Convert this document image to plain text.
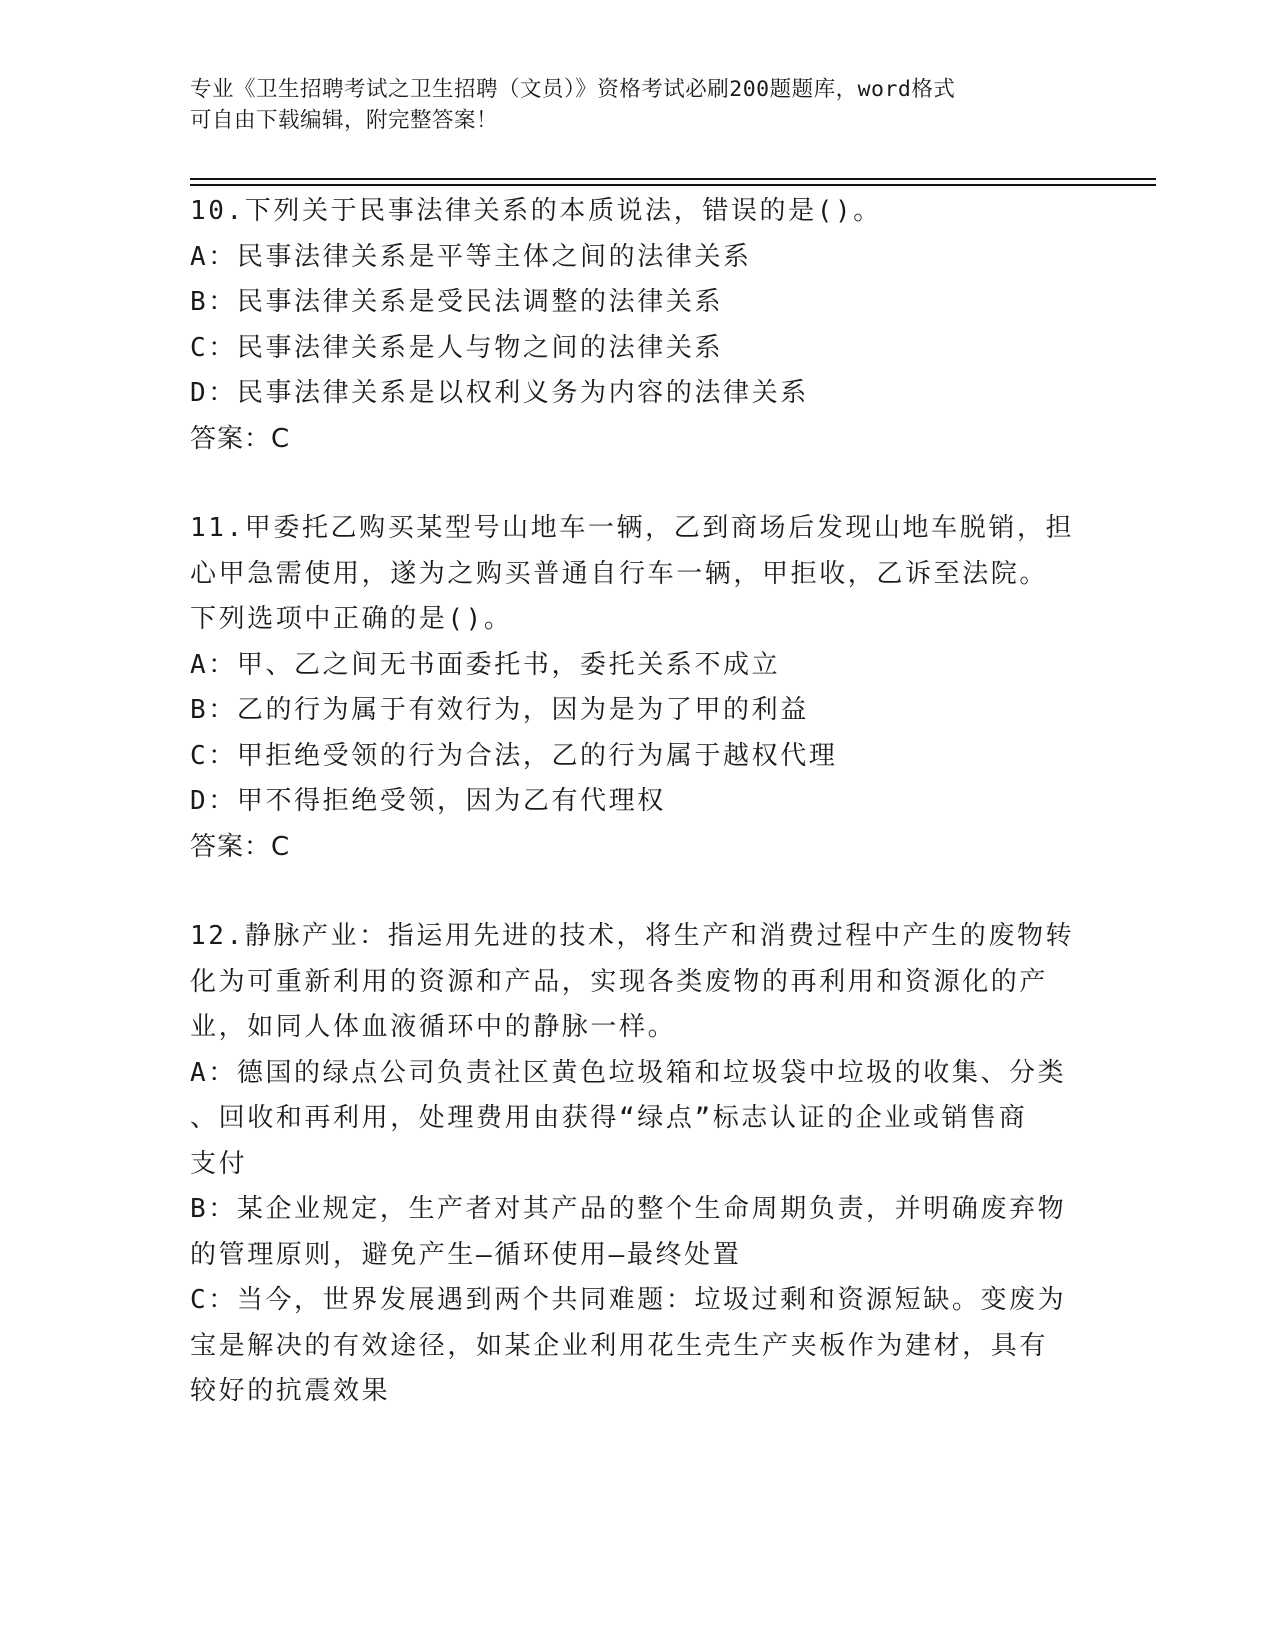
专业《卫生招聘考试之卫生招聘（文员）》资格考试必刷200题题库，word格式
可自由下载编辑，附完整答案！

10.下列关于民事法律关系的本质说法，错误的是()。

A：民事法律关系是平等主体之间的法律关系

B：民事法律关系是受民法调整的法律关系

C：民事法律关系是人与物之间的法律关系

D：民事法律关系是以权利义务为内容的法律关系

答案：C

11.甲委托乙购买某型号山地车一辆，乙到商场后发现山地车脱销，担

心甲急需使用，遂为之购买普通自行车一辆，甲拒收，乙诉至法院。

下列选项中正确的是()。

A：甲、乙之间无书面委托书，委托关系不成立

B：乙的行为属于有效行为，因为是为了甲的利益

C：甲拒绝受领的行为合法，乙的行为属于越权代理

D：甲不得拒绝受领，因为乙有代理权

答案：C

12.静脉产业：指运用先进的技术，将生产和消费过程中产生的废物转

化为可重新利用的资源和产品，实现各类废物的再利用和资源化的产

业，如同人体血液循环中的静脉一样。

A：德国的绿点公司负责社区黄色垃圾箱和垃圾袋中垃圾的收集、分类

、回收和再利用，处理费用由获得“绿点”标志认证的企业或销售商

支付

B：某企业规定，生产者对其产品的整个生命周期负责，并明确废弃物

的管理原则，避免产生—循环使用—最终处置

C：当今，世界发展遇到两个共同难题：垃圾过剩和资源短缺。变废为

宝是解决的有效途径，如某企业利用花生壳生产夹板作为建材，具有

较好的抗震效果
